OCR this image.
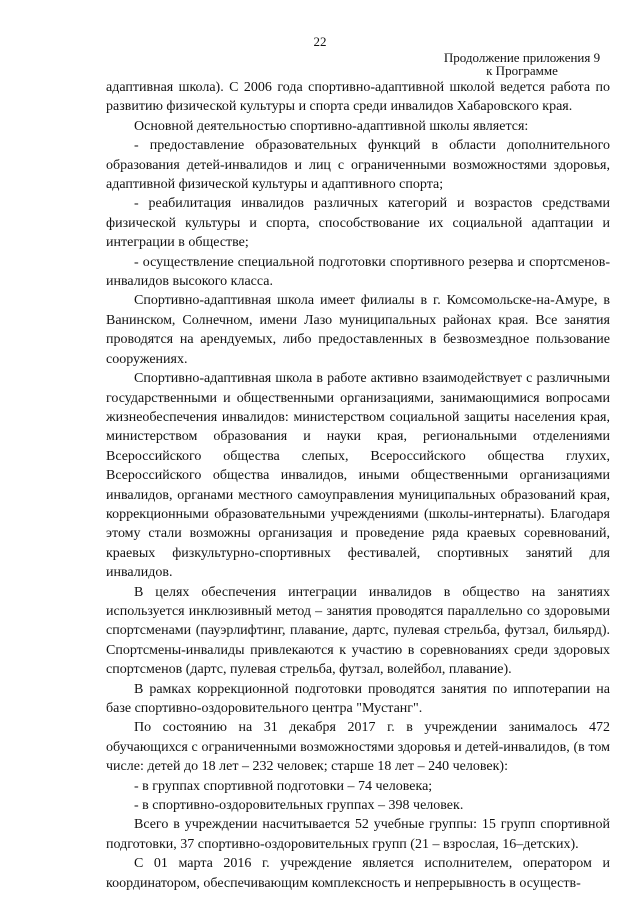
22
Продолжение приложения 9
к Программе

адаптивная школа). С 2006 года спортивно-адаптивной школой ведется работа по развитию физической культуры и спорта среди инвалидов Хабаровского края.

Основной деятельностью спортивно-адаптивной школы является:

- предоставление образовательных функций в области дополнительного образования детей-инвалидов и лиц с ограниченными возможностями здоровья, адаптивной физической культуры и адаптивного спорта;

- реабилитация инвалидов различных категорий и возрастов средствами физической культуры и спорта, способствование их социальной адаптации и интеграции в обществе;

- осуществление специальной подготовки спортивного резерва и спортсменов-инвалидов высокого класса.

Спортивно-адаптивная школа имеет филиалы в г. Комсомольске-на-Амуре, в Ванинском, Солнечном, имени Лазо муниципальных районах края. Все занятия проводятся на арендуемых, либо предоставленных в безвозмездное пользование сооружениях.

Спортивно-адаптивная школа в работе активно взаимодействует с различными государственными и общественными организациями, занимающимися вопросами жизнеобеспечения инвалидов: министерством социальной защиты населения края, министерством образования и науки края, региональными отделениями Всероссийского общества слепых, Всероссийского общества глухих, Всероссийского общества инвалидов, иными общественными организациями инвалидов, органами местного самоуправления муниципальных образований края, коррекционными образовательными учреждениями (школы-интернаты). Благодаря этому стали возможны организация и проведение ряда краевых соревнований, краевых физкультурно-спортивных фестивалей, спортивных занятий для инвалидов.

В целях обеспечения интеграции инвалидов в общество на занятиях используется инклюзивный метод – занятия проводятся параллельно со здоровыми спортсменами (пауэрлифтинг, плавание, дартс, пулевая стрельба, футзал, бильярд). Спортсмены-инвалиды привлекаются к участию в соревнованиях среди здоровых спортсменов (дартс, пулевая стрельба, футзал, волейбол, плавание).

В рамках коррекционной подготовки проводятся занятия по иппотерапии на базе спортивно-оздоровительного центра "Мустанг".

По состоянию на 31 декабря 2017 г. в учреждении занималось 472 обучающихся с ограниченными возможностями здоровья и детей-инвалидов, (в том числе: детей до 18 лет – 232 человек; старше 18 лет – 240 человек):

- в группах спортивной подготовки – 74 человека;

- в спортивно-оздоровительных группах – 398 человек.

Всего в учреждении насчитывается 52 учебные группы: 15 групп спортивной подготовки, 37 спортивно-оздоровительных групп (21 – взрослая, 16–детских).

С 01 марта 2016 г. учреждение является исполнителем, оператором и координатором, обеспечивающим комплексность и непрерывность в осуществ-
